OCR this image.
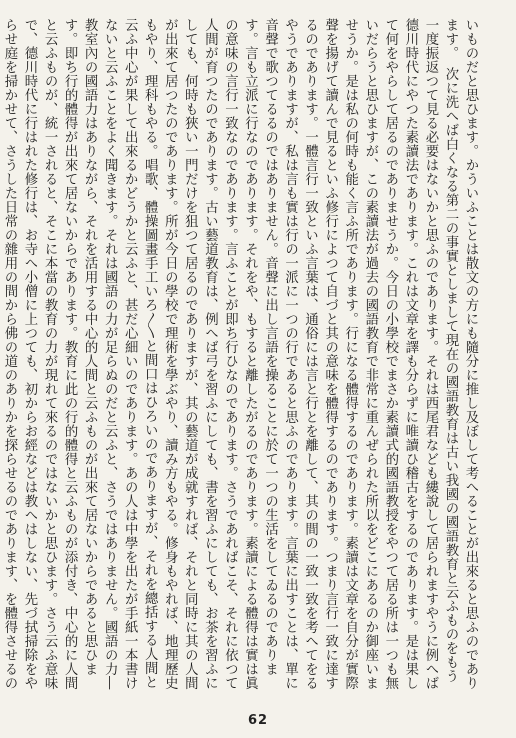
いものだと思ひます。かういふことは散文の方にも隨分に推し及ぼして考へることが出來ると思ふのであります。　次に洗へば白くなる第二の事實としまして現在の國語教育は古い我國の國語教育と云ふものをもう一度振返つて見る必要はないかと思ふのであります。それは西尾君なども縷說して居られますやうに例へば德川時代にやつた素讀法であります。これは文章を譯も分らずに唯讀ひ稽古をするのであります。是は果して何をやらして居るのでありませうか。今日の小學校でまさか素讀式的國語教授をやつて居る所は一つも無いだらうと思ひますが、この素讀法が過去の國語教育で非常に重んぜられた所以をどこにあるのか御座いませうか。是は私の何時も能く言ふ所であります。行になる體得するのであります。素讀は文章を自分が實際聲を揚げて讀んで見るといふ修行によつて自づと其の意味を體得するのであります。つまり言行一致に達するのであります。一體言行一致といふ言葉は、通俗には言と行とを離して、其の間の一致一致を考へてをるやうでありますが、私は言も實は行の一派に一つの行であると思ふのであります。言葉に出すことは、單に音聲で歌つてるるのではありません。音聲に出し言語を操ることに於て一つの生活をしてゐるのであります。言も立派に行なのであります。それをや、もすると離したがるのであります。素讀による體得は實は眞の意味の言行一致なのであります。言ふことが即ち行ひなのであります。さうであればこそ、それに依つて人間が育つたのであります。古い藝道教育は、例へば弓を習ふにしても、書を習ふにしても、お茶を習ふにしても、何時も狹い一門だけを狙つて居るのでありますが、其の藝道が成就すれば、それと同時に其の人間が出來て居つたのであります。所が今日の學校で理術を學ぶやり、讀み方もやる。修身もやれば、地理歷史もやり、理科もやる。唱歌、體操圖畫手工いろ〳〵と間口はひろいのでありますが、それを總括する人間と云ふ中心が果して出來るかどうかと云ふと、甚だ心細いのであります。あの人は中學を出たが手紙一本書けないと云ふことをよく聞きます。それは國語の力が足らぬのだと云ふと、さうではありません。國語の力―教室內の國語力はありながら、それを活用する中心的人間と云ふものが出來て居ないからであると思ひます。即ち行的體得が出來て居ないからであります。教育に此の行的體得と云ふものが添付き、中心的に人間と云ふものが、統一されると、そこに本當の教育の力が現れて來るのではないかと思ひます。さう云ふ意味で、德川時代に行はれた修行は、お寺へ小僧に上つても、初からお經などは教へはしない、先づ拭掃除をやらせ庭を掃かせて、さうした日常の雜用の間から佛の道のありかを探らせるのであります、を體得させるの
62
